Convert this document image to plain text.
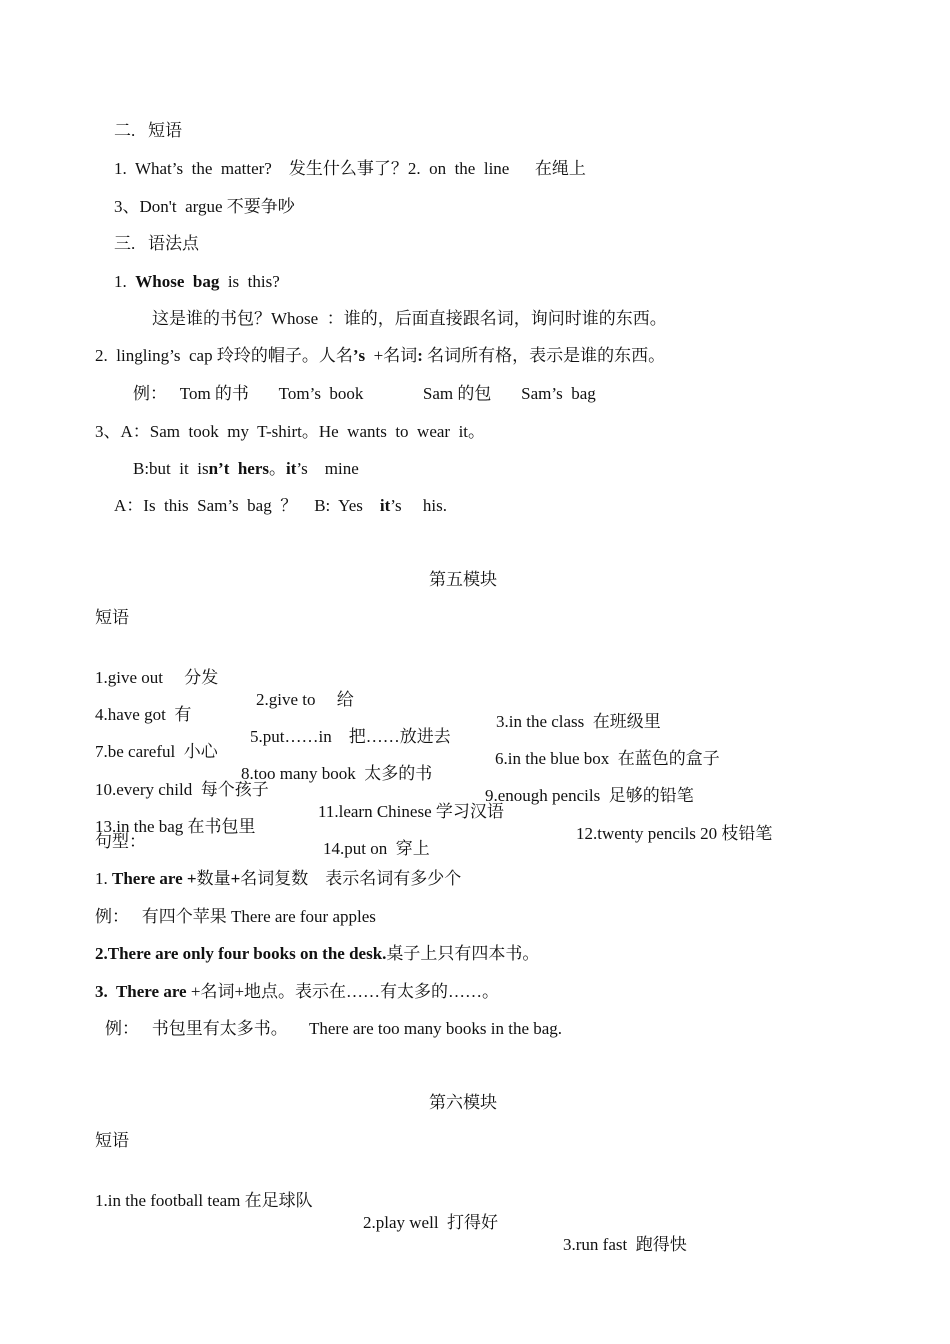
二.   短语
1.  What’s  the  matter?    发生什么事了？2.  on  the  line      在绳上
3、Don't  argue 不要争吵
三.   语法点
1.  Whose  bag  is  this?
这是谁的书包？Whose  ：谁的，后面直接跟名词，询问时谁的东西。
2.  lingling’s  cap 玲玲的帽子。人名’s  +名词: 名词所有格，表示是谁的东西。
例：   Tom 的书       Tom’s  book              Sam 的包       Sam’s  bag
3、A：Sam  took  my  T-shirt。He  wants  to  wear  it。
B:but  it  isn’t  hers。it’s    mine
A：Is  this  Sam’s  bag  ？    B:  Yes    it’s     his.
第五模块
短语

1.give out     分发

2.give to     给

3.in the class  在班级里

4.have got  有

5.put……in    把……放进去

6.in the blue box  在蓝色的盒子

7.be careful  小心

8.too many book  太多的书

9.enough pencils  足够的铅笔

10.every child  每个孩子

11.learn Chinese 学习汉语

12.twenty pencils 20 枝铅笔

13.in the bag 在书包里

14.put on  穿上

句型：
1. There are +数量+名词复数    表示名词有多少个
例：   有四个苹果 There are four apples
2.There are only four books on the desk.桌子上只有四本书。
3.  There are +名词+地点。表示在……有太多的……。
例：   书包里有太多书。     There are too many books in the bag.
第六模块
短语

1.in the football team 在足球队

2.play well  打得好

3.run fast  跑得快
